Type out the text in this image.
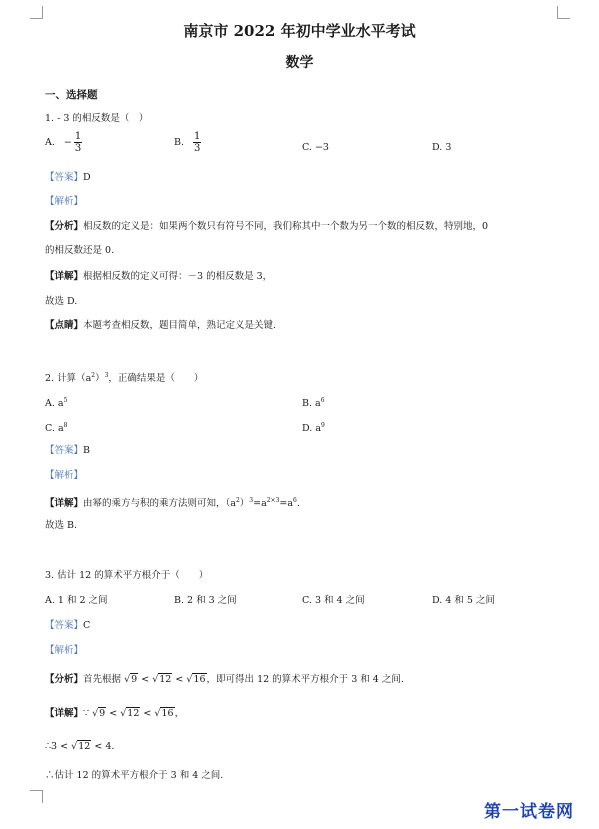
南京市 2022 年初中学业水平考试
数学
一、选择题
1. - 3 的相反数是（　）
A. − $\frac{1}{3}$	B. $\frac{1}{3}$	C. −3	D. 3
【答案】D
【解析】
【分析】相反数的定义是：如果两个数只有符号不同，我们称其中一个数为另一个数的相反数，特别地，0
的相反数还是 0.
【详解】根据相反数的定义可得：－3 的相反数是 3，
故选 D.
【点睛】本题考查相反数，题目简单，熟记定义是关键.
2. 计算$(a^2)^3$，正确结果是（　　）
A. $a^5$	B. $a^6$
C. $a^8$	D. $a^9$
【答案】B
【解析】
【详解】由幂的乘方与积的乘方法则可知，$(a^2)^3=a^{2\times 3}=a^6$.
故选 B.
3. 估计 12 的算术平方根介于（　　）
A. 1 和 2 之间	B. 2 和 3 之间	C. 3 和 4 之间	D. 4 和 5 之间
【答案】C
【解析】
【分析】首先根据 √9 < √12 < √16，即可得出 12 的算术平方根介于 3 和 4 之间.
【详解】∵ √9 < √12 < √16，
∴3 < √12 < 4.
∴估计 12 的算术平方根介于 3 和 4 之间.
第一试卷网
